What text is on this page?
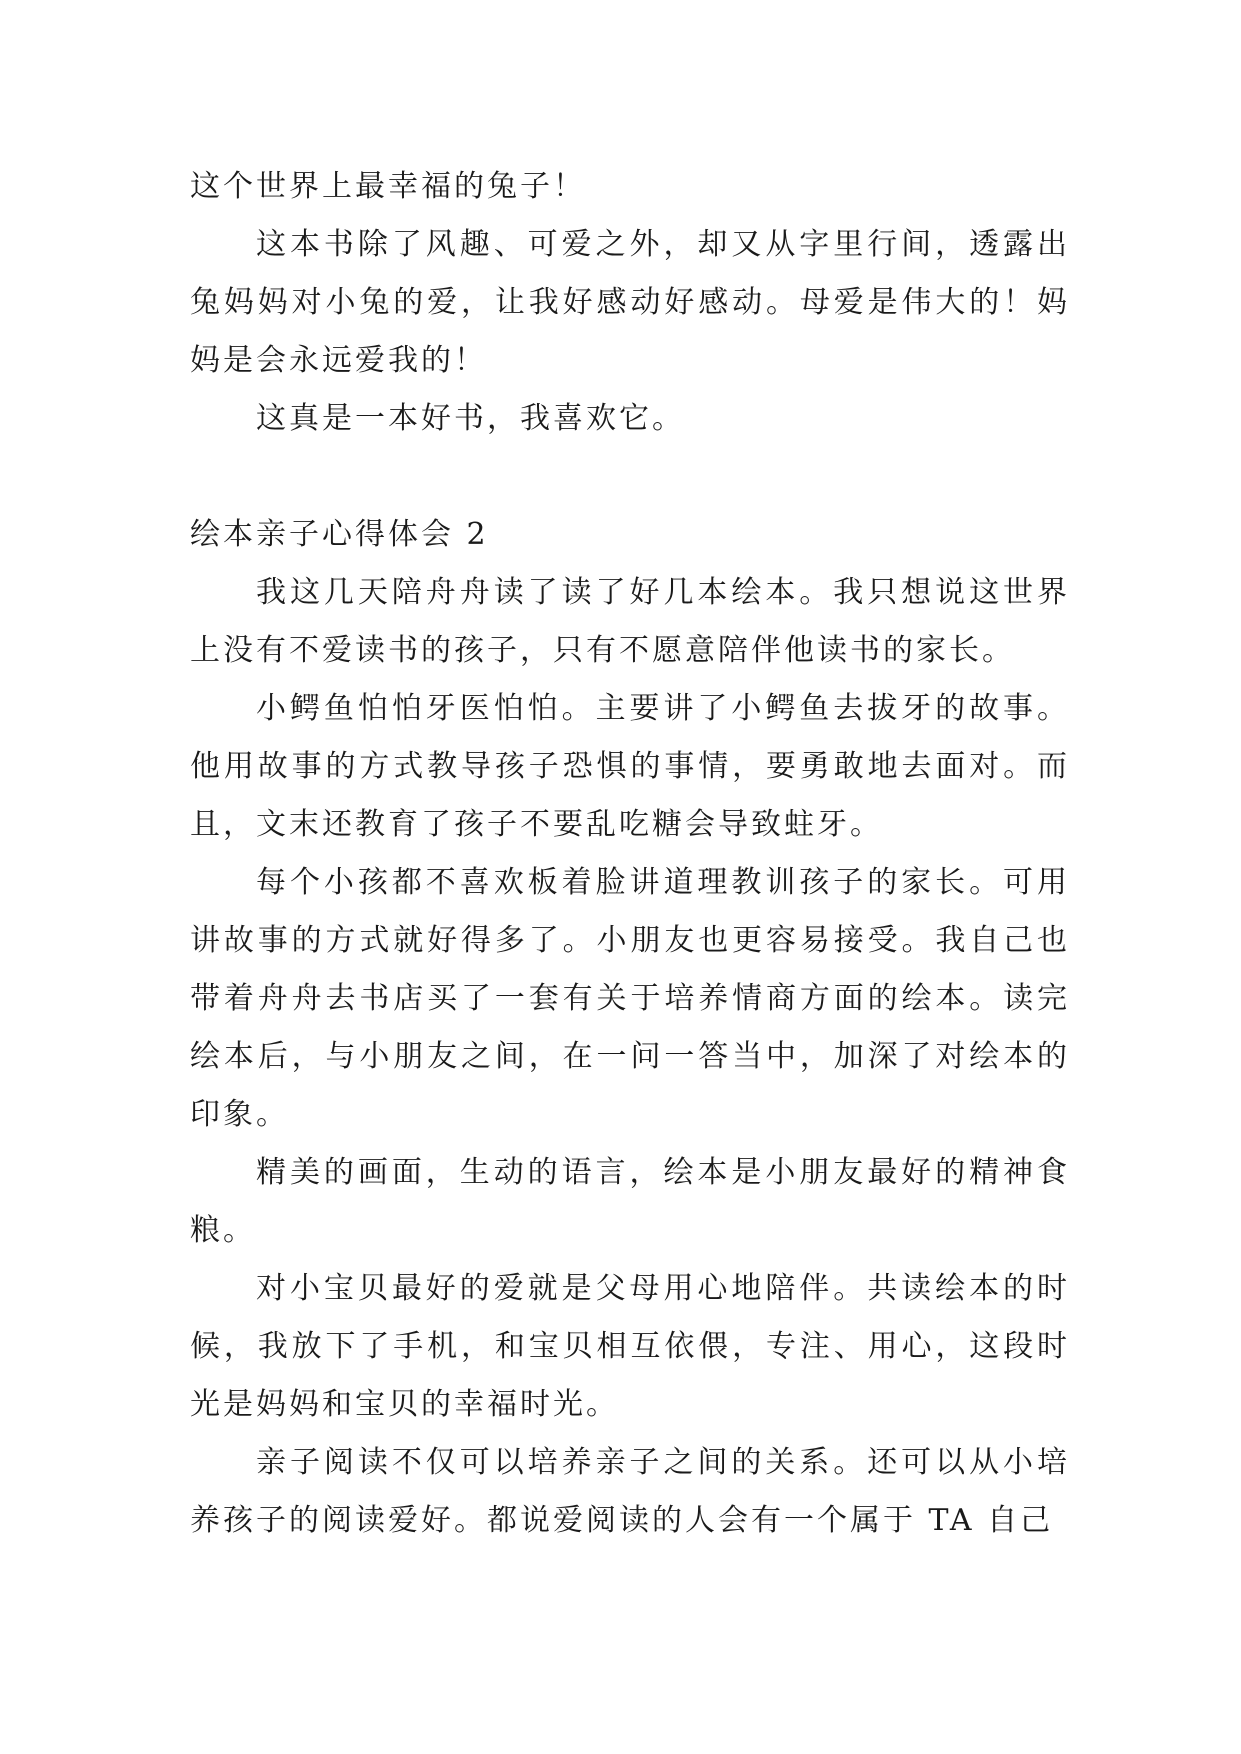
这个世界上最幸福的兔子！

这本书除了风趣、可爱之外，却又从字里行间，透露出兔妈妈对小兔的爱，让我好感动好感动。母爱是伟大的！妈妈是会永远爱我的！

这真是一本好书，我喜欢它。

绘本亲子心得体会 2

我这几天陪舟舟读了读了好几本绘本。我只想说这世界上没有不爱读书的孩子，只有不愿意陪伴他读书的家长。

小鳄鱼怕怕牙医怕怕。主要讲了小鳄鱼去拔牙的故事。他用故事的方式教导孩子恐惧的事情，要勇敢地去面对。而且，文末还教育了孩子不要乱吃糖会导致蛀牙。

每个小孩都不喜欢板着脸讲道理教训孩子的家长。可用讲故事的方式就好得多了。小朋友也更容易接受。我自己也带着舟舟去书店买了一套有关于培养情商方面的绘本。读完绘本后，与小朋友之间，在一问一答当中，加深了对绘本的印象。

精美的画面，生动的语言，绘本是小朋友最好的精神食粮。

对小宝贝最好的爱就是父母用心地陪伴。共读绘本的时候，我放下了手机，和宝贝相互依偎，专注、用心，这段时光是妈妈和宝贝的幸福时光。

亲子阅读不仅可以培养亲子之间的关系。还可以从小培养孩子的阅读爱好。都说爱阅读的人会有一个属于 TA 自己
